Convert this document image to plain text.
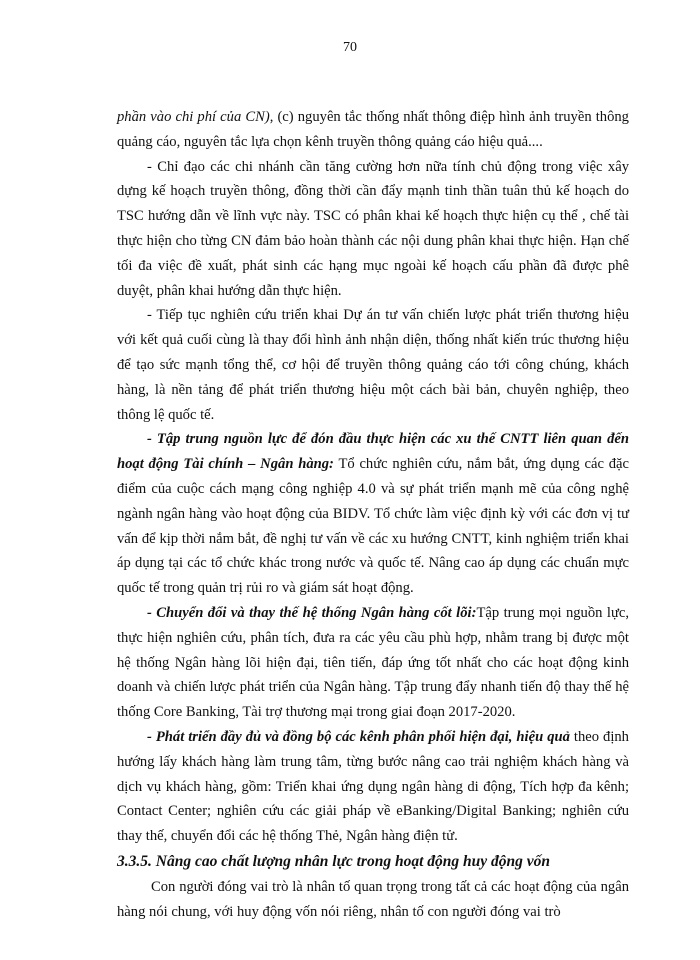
70

phần vào chi phí của CN), (c) nguyên tắc thống nhất thông điệp hình ảnh truyền thông quảng cáo, nguyên tắc lựa chọn kênh truyền thông quảng cáo hiệu quả....

- Chỉ đạo các chi nhánh cần tăng cường hơn nữa tính chủ động trong việc xây dựng kế hoạch truyền thông, đồng thời cần đẩy mạnh tinh thần tuân thủ kế hoạch do TSC hướng dẫn về lĩnh vực này. TSC có phân khai kế hoạch thực hiện cụ thể , chế tài thực hiện cho từng CN đảm bảo hoàn thành các nội dung phân khai thực hiện. Hạn chế tối đa việc đề xuất, phát sinh các hạng mục ngoài kế hoạch cấu phần đã được phê duyệt, phân khai hướng dẫn thực hiện.

- Tiếp tục nghiên cứu triển khai Dự án tư vấn chiến lược phát triển thương hiệu với kết quả cuối cùng là thay đổi hình ảnh nhận diện, thống nhất kiến trúc thương hiệu để tạo sức mạnh tổng thể, cơ hội để truyền thông quảng cáo tới công chúng, khách hàng, là nền tảng để phát triển thương hiệu một cách bài bản, chuyên nghiệp, theo thông lệ quốc tế.

- Tập trung nguồn lực để đón đầu thực hiện các xu thế CNTT liên quan đến hoạt động Tài chính – Ngân hàng: Tổ chức nghiên cứu, nắm bắt, ứng dụng các đặc điểm của cuộc cách mạng công nghiệp 4.0 và sự phát triển mạnh mẽ của công nghệ ngành ngân hàng vào hoạt động của BIDV. Tổ chức làm việc định kỳ với các đơn vị tư vấn để kịp thời nắm bắt, đề nghị tư vấn về các xu hướng CNTT, kinh nghiệm triển khai áp dụng tại các tổ chức khác trong nước và quốc tế. Nâng cao áp dụng các chuẩn mực quốc tế trong quản trị rủi ro và giám sát hoạt động.

- Chuyển đổi và thay thế hệ thống Ngân hàng cốt lõi:Tập trung mọi nguồn lực, thực hiện nghiên cứu, phân tích, đưa ra các yêu cầu phù hợp, nhằm trang bị được một hệ thống Ngân hàng lõi hiện đại, tiên tiến, đáp ứng tốt nhất cho các hoạt động kinh doanh và chiến lược phát triển của Ngân hàng. Tập trung đẩy nhanh tiến độ thay thế hệ thống Core Banking, Tài trợ thương mại trong giai đoạn 2017-2020.

- Phát triển đầy đủ và đồng bộ các kênh phân phối hiện đại, hiệu quả theo định hướng lấy khách hàng làm trung tâm, từng bước nâng cao trải nghiệm khách hàng và dịch vụ khách hàng, gồm: Triển khai ứng dụng ngân hàng di động, Tích hợp đa kênh; Contact Center; nghiên cứu các giải pháp về eBanking/Digital Banking; nghiên cứu thay thế, chuyển đổi các hệ thống Thẻ, Ngân hàng điện tử.

3.3.5. Nâng cao chất lượng nhân lực trong hoạt động huy động vốn

Con người đóng vai trò là nhân tố quan trọng trong tất cả các hoạt động của ngân hàng nói chung, với huy động vốn nói riêng, nhân tố con người đóng vai trò
